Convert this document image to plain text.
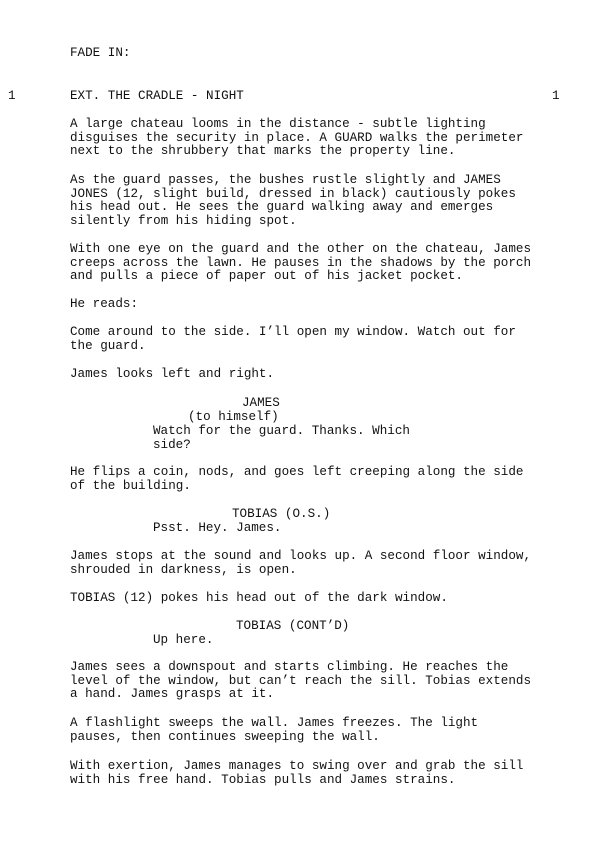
FADE IN:
1	EXT. THE CRADLE - NIGHT	1
A large chateau looms in the distance - subtle lighting
disguises the security in place. A GUARD walks the perimeter
next to the shrubbery that marks the property line.
As the guard passes, the bushes rustle slightly and JAMES
JONES (12, slight build, dressed in black) cautiously pokes
his head out. He sees the guard walking away and emerges
silently from his hiding spot.
With one eye on the guard and the other on the chateau, James
creeps across the lawn. He pauses in the shadows by the porch
and pulls a piece of paper out of his jacket pocket.
He reads:
Come around to the side. I’ll open my window. Watch out for
the guard.
James looks left and right.
JAMES
(to himself)
Watch for the guard. Thanks. Which
side?
He flips a coin, nods, and goes left creeping along the side
of the building.
TOBIAS (O.S.)
Psst. Hey. James.
James stops at the sound and looks up. A second floor window,
shrouded in darkness, is open.
TOBIAS (12) pokes his head out of the dark window.
TOBIAS (CONT’D)
Up here.
James sees a downspout and starts climbing. He reaches the
level of the window, but can’t reach the sill. Tobias extends
a hand. James grasps at it.
A flashlight sweeps the wall. James freezes. The light
pauses, then continues sweeping the wall.
With exertion, James manages to swing over and grab the sill
with his free hand. Tobias pulls and James strains.
